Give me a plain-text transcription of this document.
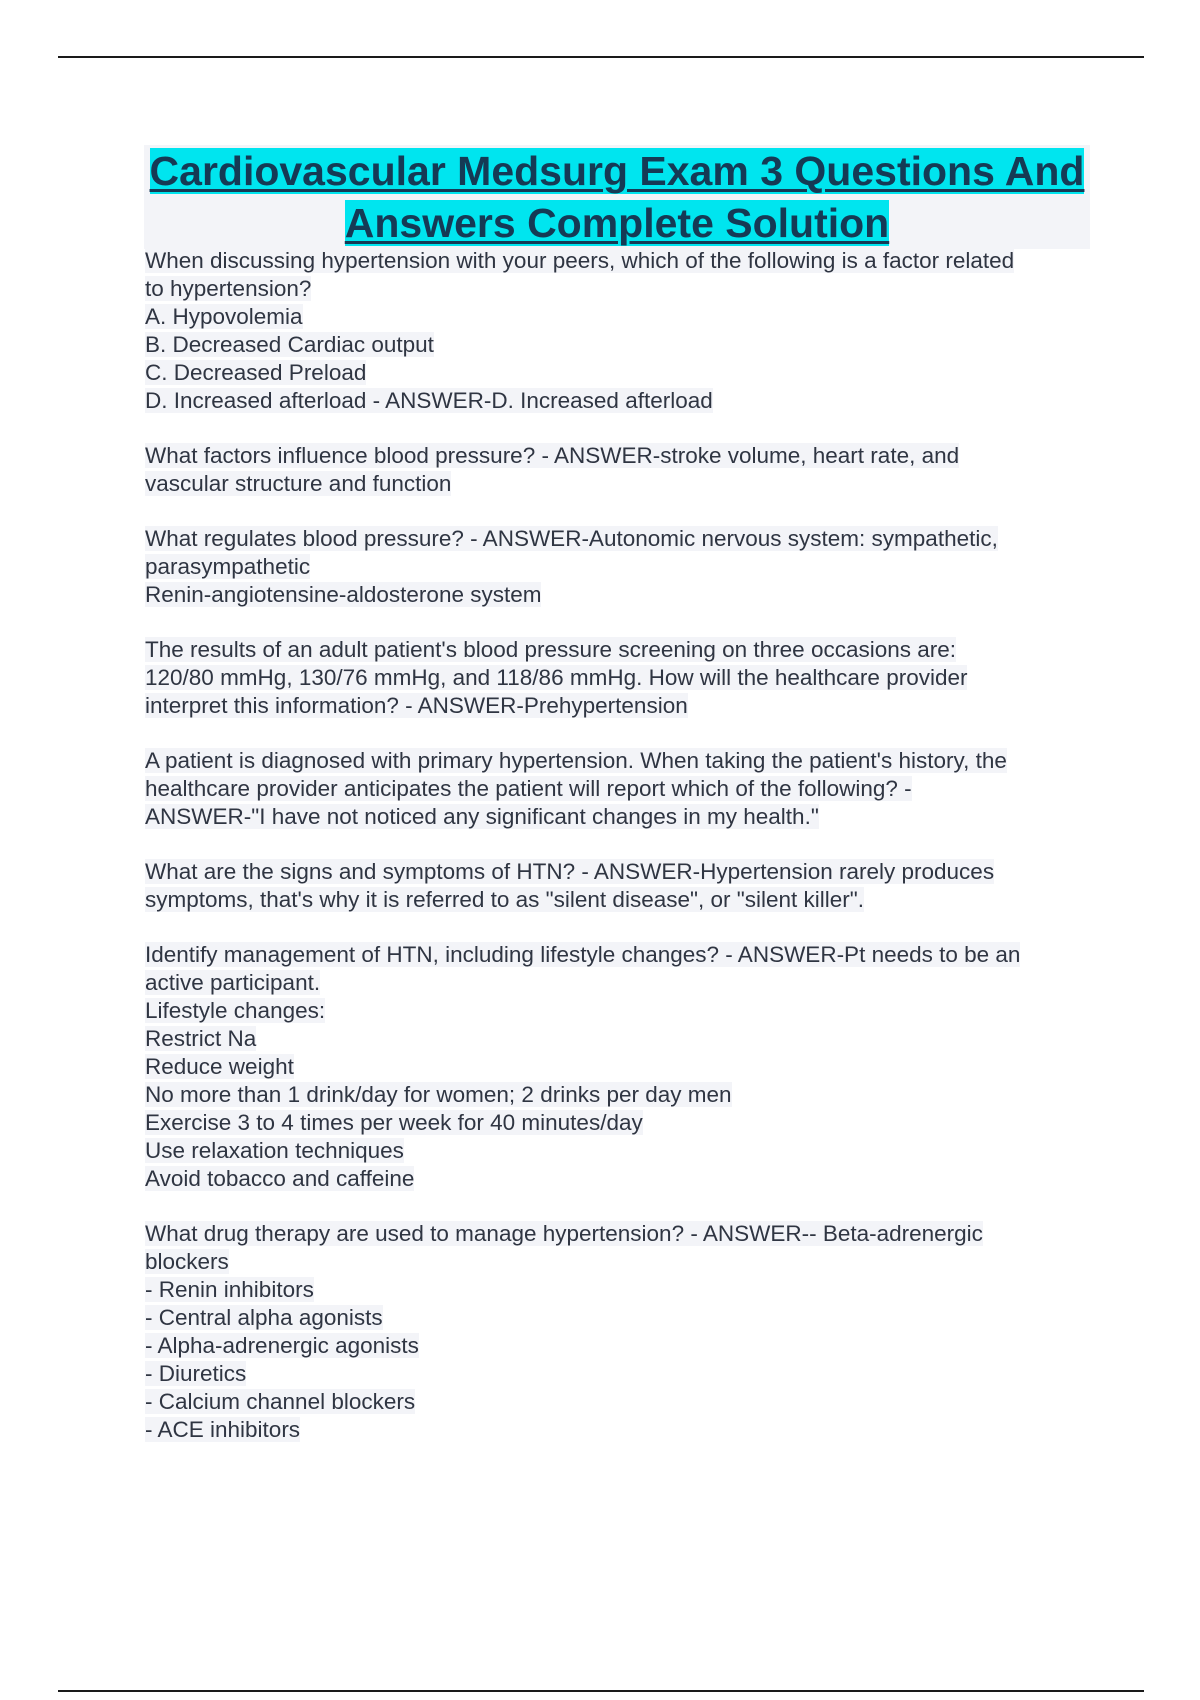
Cardiovascular Medsurg Exam 3 Questions And Answers Complete Solution
When discussing hypertension with your peers, which of the following is a factor related
to hypertension?
A. Hypovolemia
B. Decreased Cardiac output
C. Decreased Preload
D. Increased afterload - ANSWER-D. Increased afterload
What factors influence blood pressure? - ANSWER-stroke volume, heart rate, and
vascular structure and function
What regulates blood pressure? - ANSWER-Autonomic nervous system: sympathetic,
parasympathetic
Renin-angiotensine-aldosterone system
The results of an adult patient's blood pressure screening on three occasions are:
120/80 mmHg, 130/76 mmHg, and 118/86 mmHg. How will the healthcare provider
interpret this information? - ANSWER-Prehypertension
A patient is diagnosed with primary hypertension. When taking the patient's history, the
healthcare provider anticipates the patient will report which of the following? -
ANSWER-"I have not noticed any significant changes in my health."
What are the signs and symptoms of HTN? - ANSWER-Hypertension rarely produces
symptoms, that's why it is referred to as "silent disease", or "silent killer".
Identify management of HTN, including lifestyle changes? - ANSWER-Pt needs to be an
active participant.
Lifestyle changes:
Restrict Na
Reduce weight
No more than 1 drink/day for women; 2 drinks per day men
Exercise 3 to 4 times per week for 40 minutes/day
Use relaxation techniques
Avoid tobacco and caffeine
What drug therapy are used to manage hypertension? - ANSWER-- Beta-adrenergic
blockers
- Renin inhibitors
- Central alpha agonists
- Alpha-adrenergic agonists
- Diuretics
- Calcium channel blockers
- ACE inhibitors
